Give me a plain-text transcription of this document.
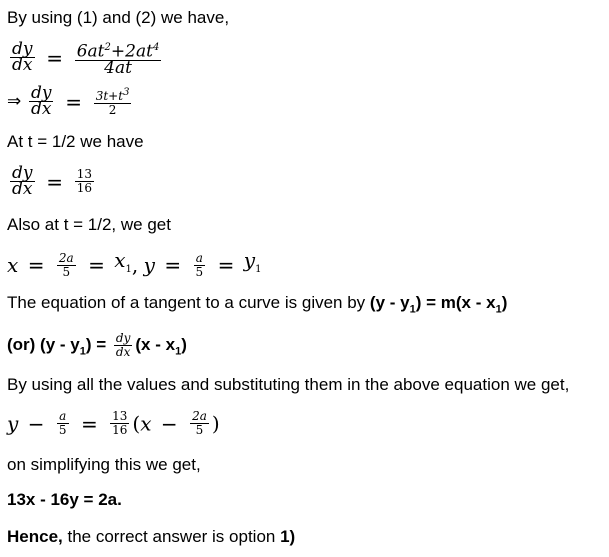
By using (1) and (2) we have,
$\frac{dy}{dx} = \frac{6at^2+2at^4}{4at}$
⇒ $\frac{dy}{dx} = \frac{3t+t^3}{2}$
At t = 1/2 we have
$\frac{dy}{dx} = \frac{13}{16}$
Also at t = 1/2, we get
$x = \frac{2a}{5} = x_1$, $y = \frac{a}{5} = y_1$
The equation of a tangent to a curve is given by $(y - y_1) = m(x - x_1)$
(or) $(y - y_1) = \frac{dy}{dx} (x - x_1)$
By using all the values and substituting them in the above equation we get,
$y - \frac{a}{5} = \frac{13}{16} (x - \frac{2a}{5}$ )
on simplifying this we get,
13x - 16y = 2a.
Hence, the correct answer is option 1)
